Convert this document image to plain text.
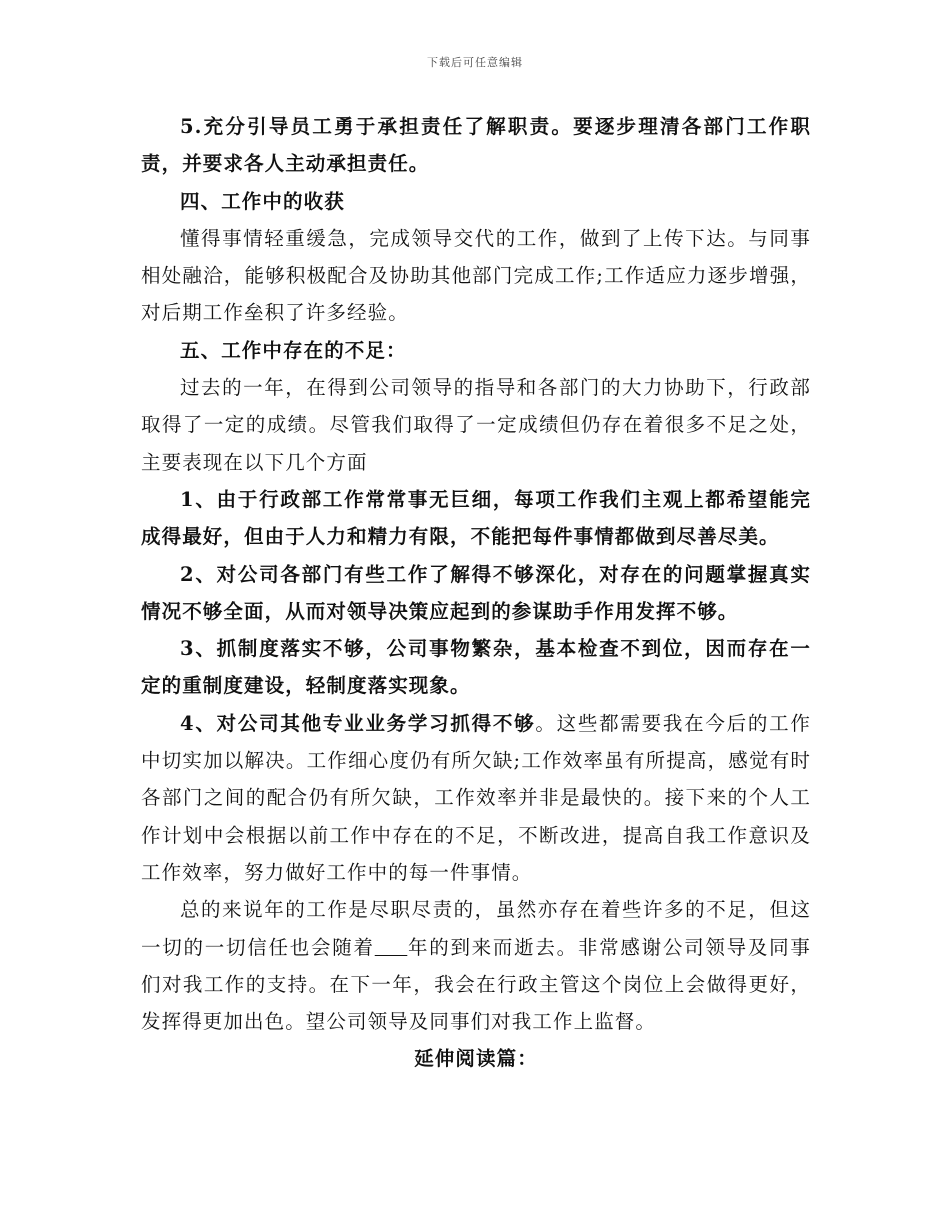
下载后可任意编辑

5.充分引导员工勇于承担责任了解职责。要逐步理清各部门工作职责，并要求各人主动承担责任。

四、工作中的收获

懂得事情轻重缓急，完成领导交代的工作，做到了上传下达。与同事相处融洽，能够积极配合及协助其他部门完成工作;工作适应力逐步增强，对后期工作垒积了许多经验。

五、工作中存在的不足：

过去的一年，在得到公司领导的指导和各部门的大力协助下，行政部取得了一定的成绩。尽管我们取得了一定成绩但仍存在着很多不足之处，主要表现在以下几个方面

1、由于行政部工作常常事无巨细，每项工作我们主观上都希望能完成得最好，但由于人力和精力有限，不能把每件事情都做到尽善尽美。

2、对公司各部门有些工作了解得不够深化，对存在的问题掌握真实情况不够全面，从而对领导决策应起到的参谋助手作用发挥不够。

3、抓制度落实不够，公司事物繁杂，基本检查不到位，因而存在一定的重制度建设，轻制度落实现象。

4、对公司其他专业业务学习抓得不够。这些都需要我在今后的工作中切实加以解决。工作细心度仍有所欠缺;工作效率虽有所提高，感觉有时各部门之间的配合仍有所欠缺，工作效率并非是最快的。接下来的个人工作计划中会根据以前工作中存在的不足，不断改进，提高自我工作意识及工作效率，努力做好工作中的每一件事情。

总的来说年的工作是尽职尽责的，虽然亦存在着些许多的不足，但这一切的一切信任也会随着___年的到来而逝去。非常感谢公司领导及同事们对我工作的支持。在下一年，我会在行政主管这个岗位上会做得更好，发挥得更加出色。望公司领导及同事们对我工作上监督。

延伸阅读篇：
